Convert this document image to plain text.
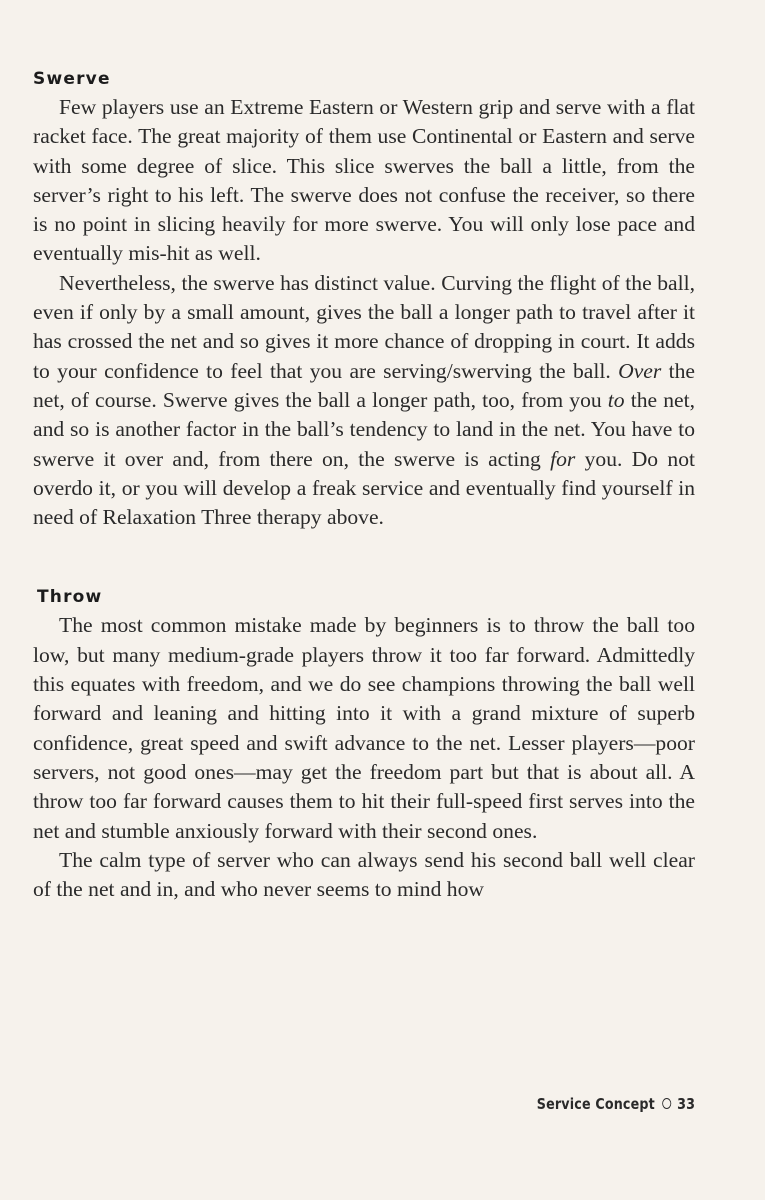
Swerve

Few players use an Extreme Eastern or Western grip and serve with a flat racket face. The great majority of them use Continental or Eastern and serve with some degree of slice. This slice swerves the ball a little, from the server’s right to his left. The swerve does not confuse the receiver, so there is no point in slicing heavily for more swerve. You will only lose pace and eventually mis-hit as well.

Nevertheless, the swerve has distinct value. Curving the flight of the ball, even if only by a small amount, gives the ball a longer path to travel after it has crossed the net and so gives it more chance of dropping in court. It adds to your confidence to feel that you are serving/swerving the ball. Over the net, of course. Swerve gives the ball a longer path, too, from you to the net, and so is another factor in the ball’s tendency to land in the net. You have to swerve it over and, from there on, the swerve is acting for you. Do not overdo it, or you will develop a freak service and eventually find yourself in need of Relaxation Three therapy above.

Throw

The most common mistake made by beginners is to throw the ball too low, but many medium-grade players throw it too far forward. Admittedly this equates with freedom, and we do see champions throwing the ball well forward and leaning and hitting into it with a grand mixture of superb confidence, great speed and swift advance to the net. Lesser players—poor servers, not good ones—may get the freedom part but that is about all. A throw too far forward causes them to hit their full-speed first serves into the net and stumble anxiously forward with their second ones.

The calm type of server who can always send his second ball well clear of the net and in, and who never seems to mind how

Service Concept 33
